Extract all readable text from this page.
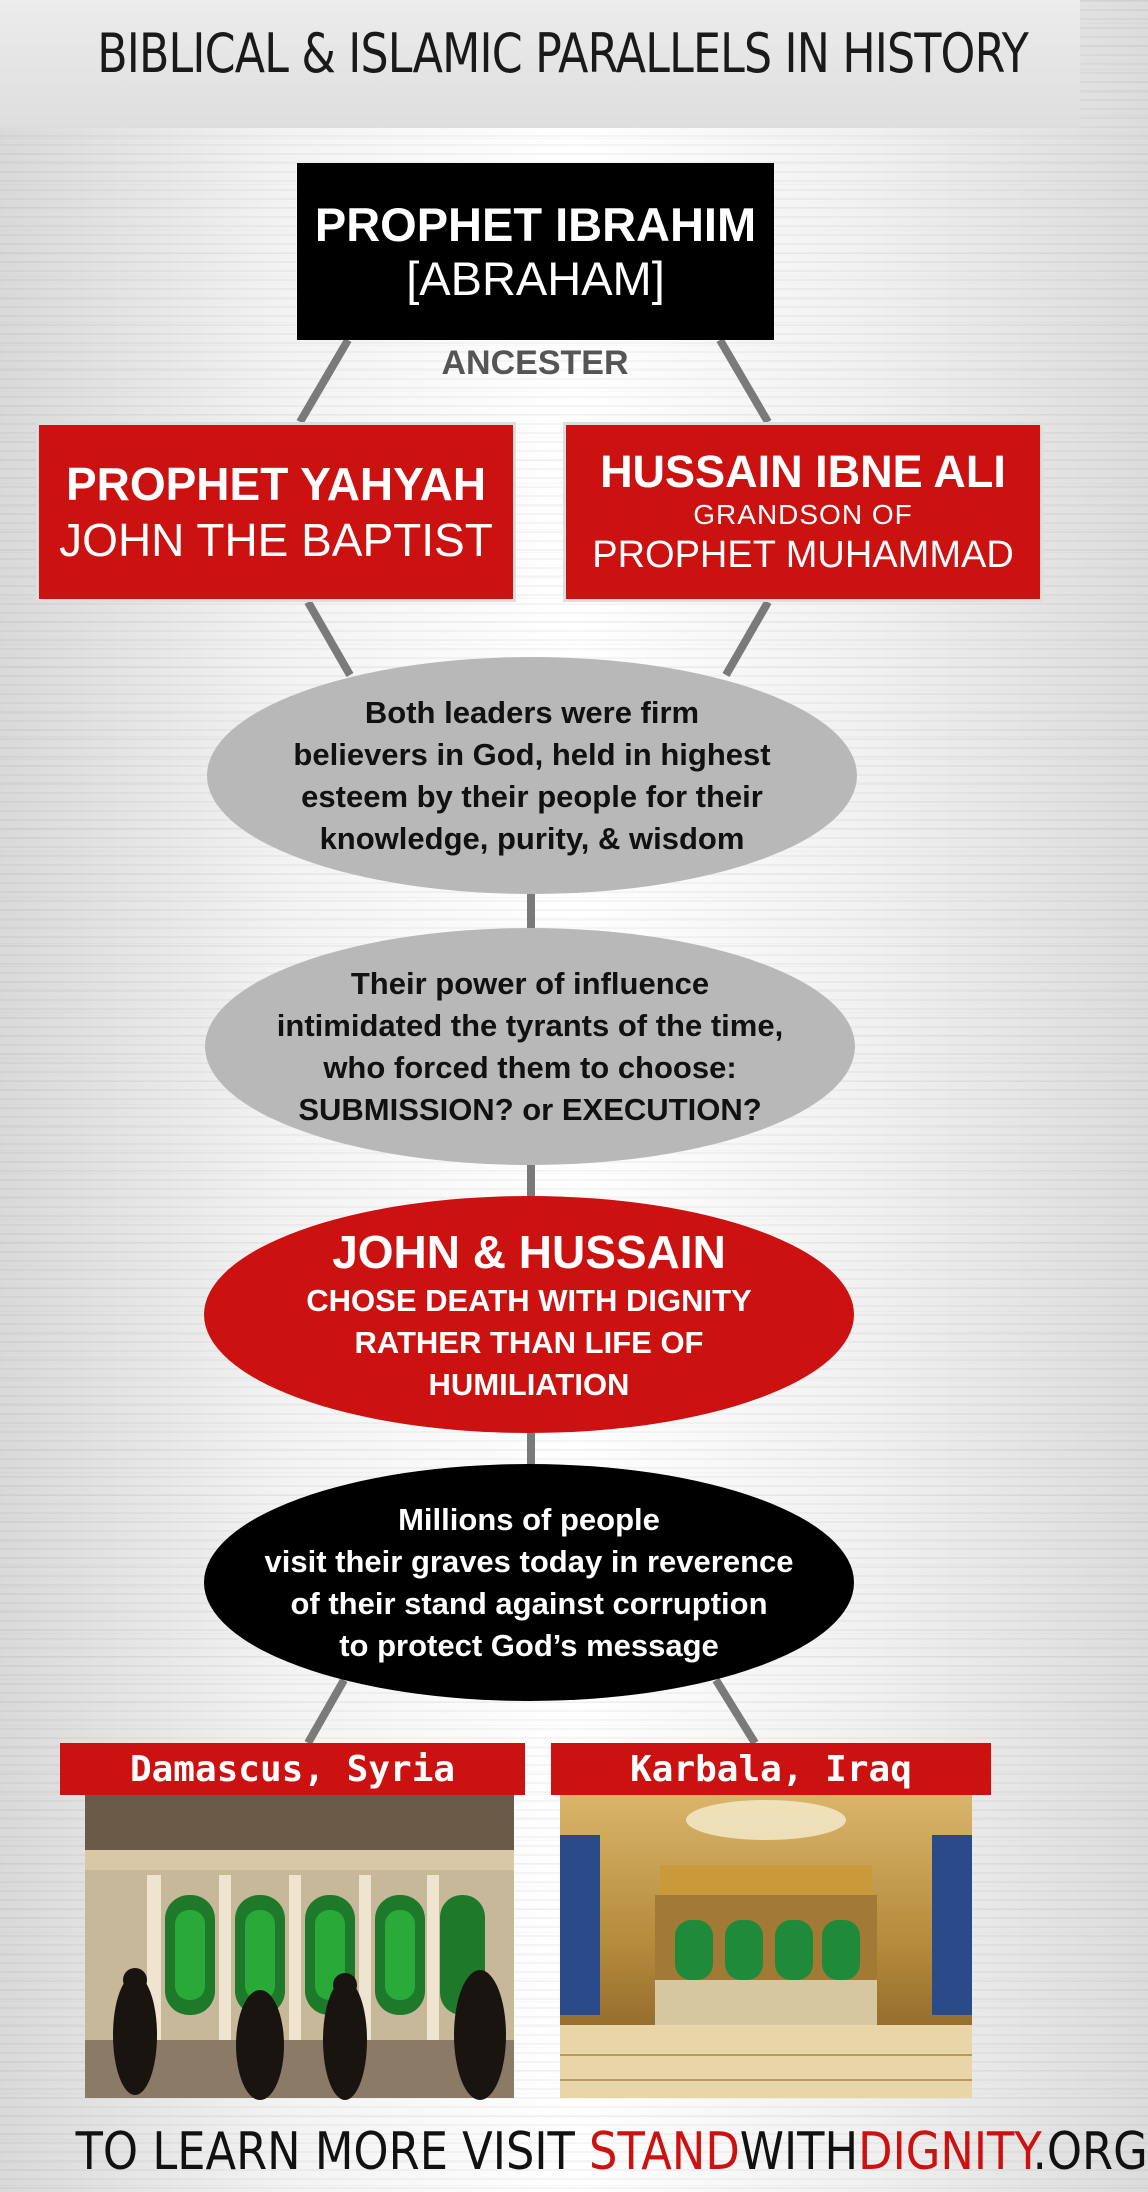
BIBLICAL & ISLAMIC PARALLELS IN HISTORY
PROPHET IBRAHIM
[ABRAHAM]
ANCESTER
PROPHET YAHYAH
JOHN THE BAPTIST
HUSSAIN IBNE ALI
GRANDSON OF
PROPHET MUHAMMAD
Both leaders were firm
believers in God, held in highest
esteem by their people for their
knowledge, purity, & wisdom
Their power of influence
intimidated the tyrants of the time,
who forced them to choose:
SUBMISSION? or EXECUTION?
JOHN & HUSSAIN
CHOSE DEATH WITH DIGNITY
RATHER THAN LIFE OF
HUMILIATION
Millions of people
visit their graves today in reverence
of their stand against corruption
to protect God’s message
Damascus, Syria	Karbala, Iraq
TO LEARN MORE VISIT STANDWITHDIGNITY.ORG
